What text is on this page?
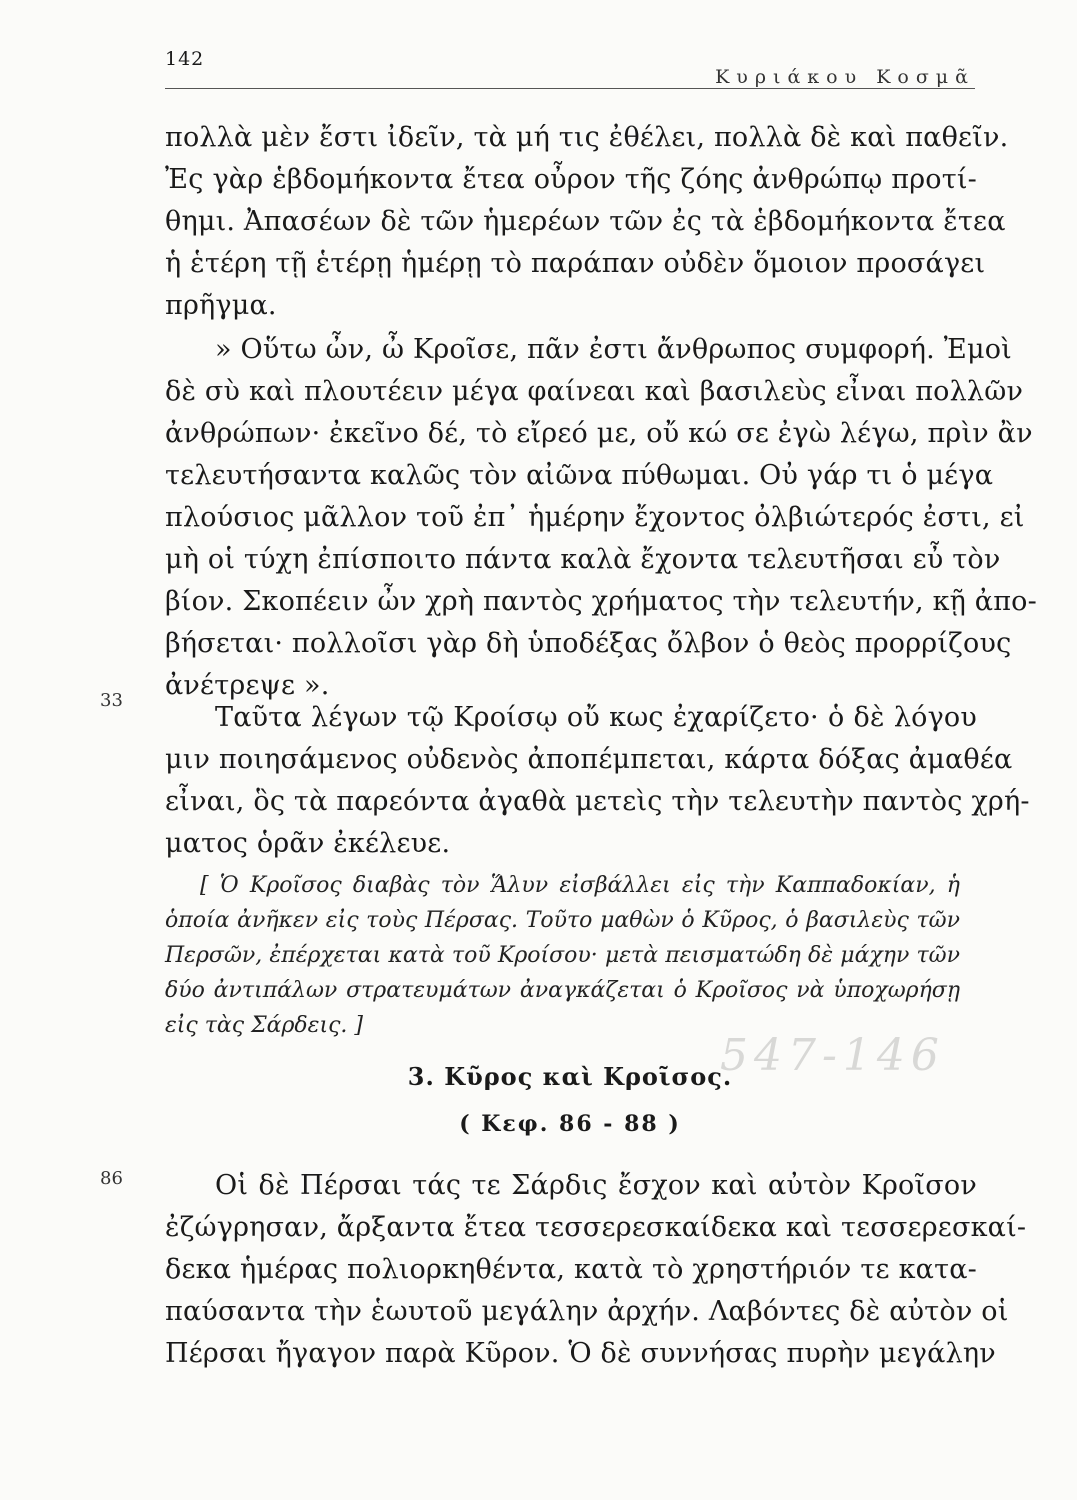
142
Κυριάκου Κοσμᾶ
πολλὰ μὲν ἔστι ἰδεῖν, τὰ μή τις ἐθέλει, πολλὰ δὲ καὶ παθεῖν.
Ἐς γὰρ ἑβδομήκοντα ἔτεα οὖρον τῆς ζόης ἀνθρώπῳ προτί-
θημι. Ἀπασέων δὲ τῶν ἡμερέων τῶν ἐς τὰ ἑβδομήκοντα ἔτεα
ἡ ἑτέρη τῇ ἑτέρῃ ἡμέρῃ τὸ παράπαν οὐδὲν ὅμοιον προσάγει
πρῆγμα.
» Οὕτω ὦν, ὦ Κροῖσε, πᾶν ἐστι ἄνθρωπος συμφορή. Ἐμοὶ
δὲ σὺ καὶ πλουτέειν μέγα φαίνεαι καὶ βασιλεὺς εἶναι πολλῶν
ἀνθρώπων· ἐκεῖνο δέ, τὸ εἴρεό με, οὔ κώ σε ἐγὼ λέγω, πρὶν ἂν
τελευτήσαντα καλῶς τὸν αἰῶνα πύθωμαι. Οὐ γάρ τι ὁ μέγα
πλούσιος μᾶλλον τοῦ ἐπ᾽ ἡμέρην ἔχοντος ὀλβιώτερός ἐστι, εἰ
μὴ οἱ τύχη ἐπίσποιτο πάντα καλὰ ἔχοντα τελευτῆσαι εὖ τὸν
βίον. Σκοπέειν ὦν χρὴ παντὸς χρήματος τὴν τελευτήν, κῇ ἀπο-
βήσεται· πολλοῖσι γὰρ δὴ ὑποδέξας ὄλβον ὁ θεὸς προρρίζους
ἀνέτρεψε ».
33
Ταῦτα λέγων τῷ Κροίσῳ οὔ κως ἐχαρίζετο· ὁ δὲ λόγου
μιν ποιησάμενος οὐδενὸς ἀποπέμπεται, κάρτα δόξας ἀμαθέα
εἶναι, ὃς τὰ παρεόντα ἀγαθὰ μετεὶς τὴν τελευτὴν παντὸς χρή-
ματος ὁρᾶν ἐκέλευε.
[ Ὁ Κροῖσος διαβὰς τὸν Ἅλυν εἰσβάλλει εἰς τὴν Καππαδοκίαν, ἡ
ὁποία ἀνῆκεν εἰς τοὺς Πέρσας. Τοῦτο μαθὼν ὁ Κῦρος, ὁ βασιλεὺς τῶν
Περσῶν, ἐπέρχεται κατὰ τοῦ Κροίσου· μετὰ πεισματώδη δὲ μάχην τῶν
δύο ἀντιπάλων στρατευμάτων ἀναγκάζεται ὁ Κροῖσος νὰ ὑποχωρήσῃ
εἰς τὰς Σάρδεις. ]
547-146
3. Κῦρος καὶ Κροῖσος.
( Κεφ. 86 - 88 )
86	Οἱ δὲ Πέρσαι τάς τε Σάρδις ἔσχον καὶ αὐτὸν Κροῖσον
ἐζώγρησαν, ἄρξαντα ἔτεα τεσσερεσκαίδεκα καὶ τεσσερεσκαί-
δεκα ἡμέρας πολιορκηθέντα, κατὰ τὸ χρηστήριόν τε κατα-
παύσαντα τὴν ἑωυτοῦ μεγάλην ἀρχήν. Λαβόντες δὲ αὐτὸν οἱ
Πέρσαι ἤγαγον παρὰ Κῦρον. Ὁ δὲ συννήσας πυρὴν μεγάλην
